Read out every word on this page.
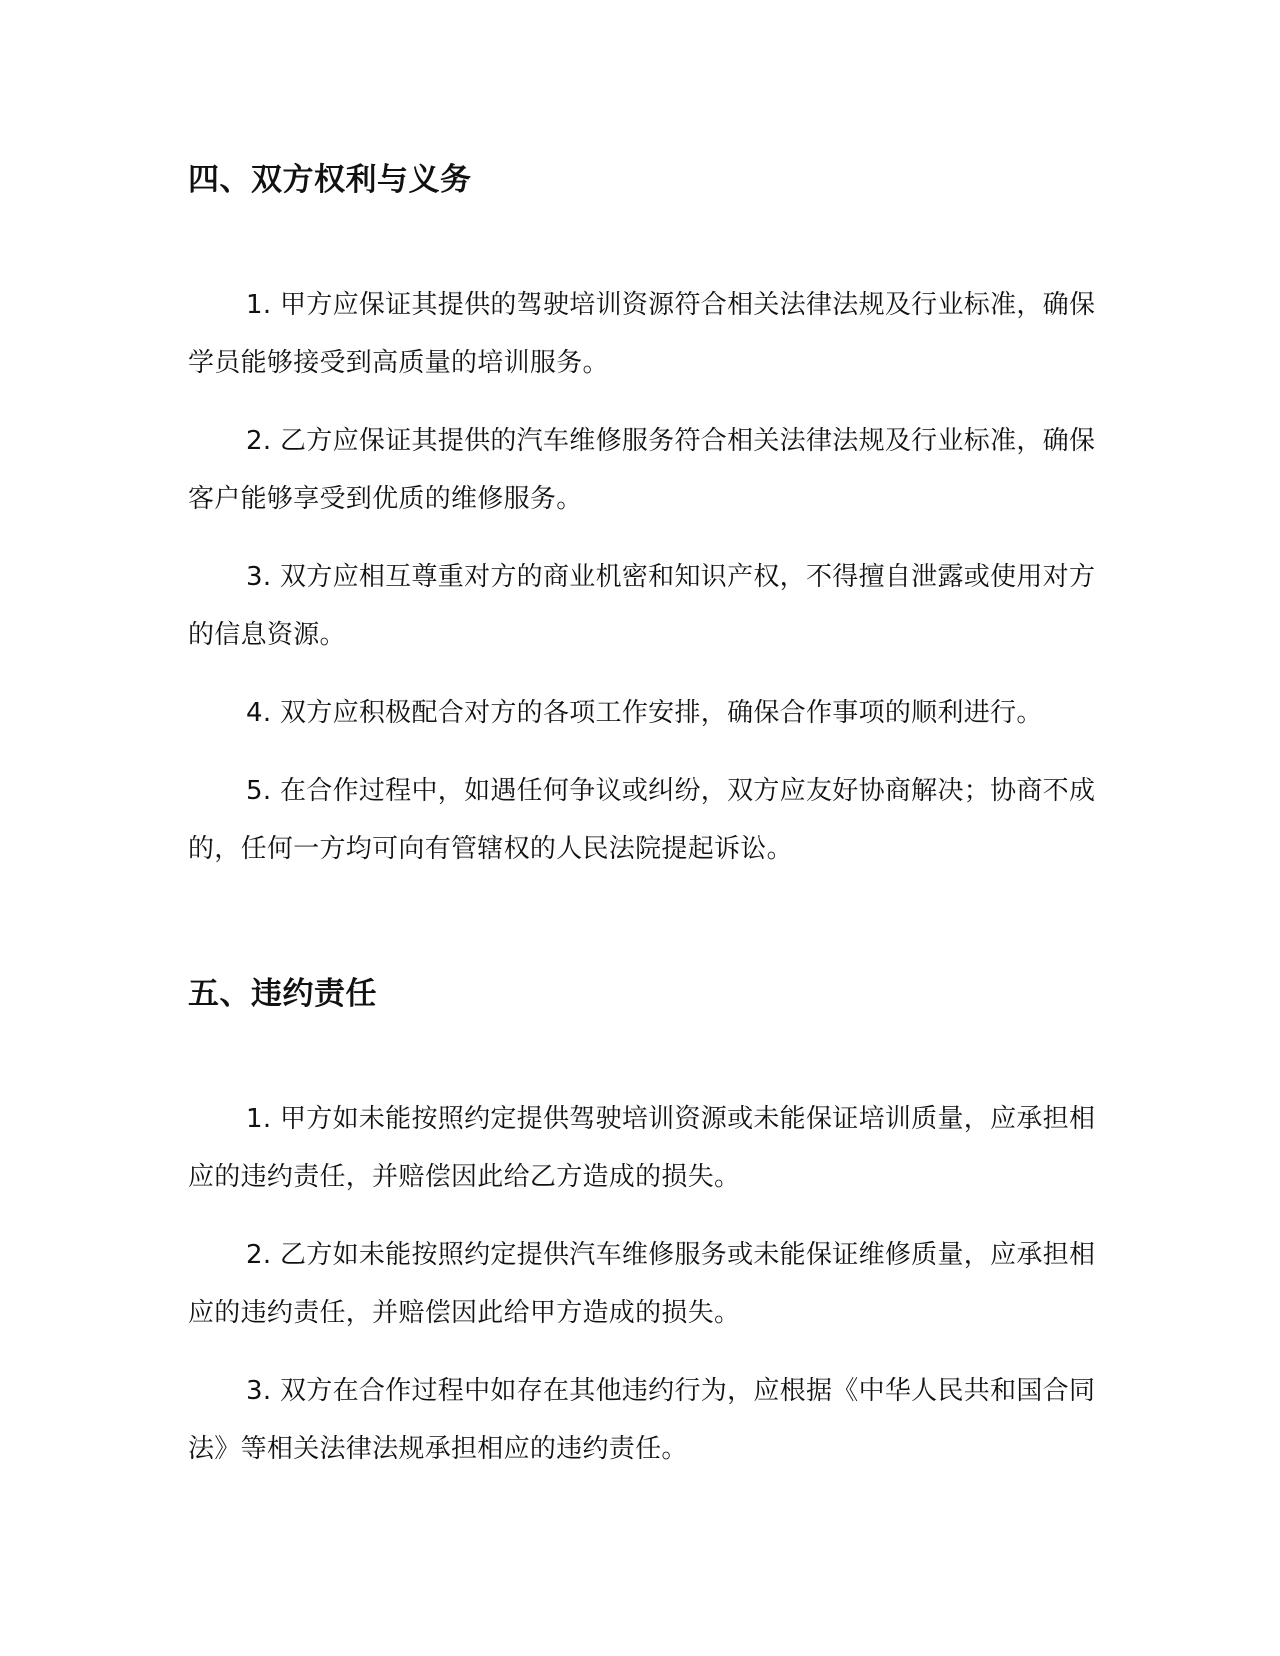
四、双方权利与义务

1. 甲方应保证其提供的驾驶培训资源符合相关法律法规及行业标准，确保学员能够接受到高质量的培训服务。

2. 乙方应保证其提供的汽车维修服务符合相关法律法规及行业标准，确保客户能够享受到优质的维修服务。

3. 双方应相互尊重对方的商业机密和知识产权，不得擅自泄露或使用对方的信息资源。

4. 双方应积极配合对方的各项工作安排，确保合作事项的顺利进行。

5. 在合作过程中，如遇任何争议或纠纷，双方应友好协商解决；协商不成的，任何一方均可向有管辖权的人民法院提起诉讼。

五、违约责任

1. 甲方如未能按照约定提供驾驶培训资源或未能保证培训质量，应承担相应的违约责任，并赔偿因此给乙方造成的损失。

2. 乙方如未能按照约定提供汽车维修服务或未能保证维修质量，应承担相应的违约责任，并赔偿因此给甲方造成的损失。

3. 双方在合作过程中如存在其他违约行为，应根据《中华人民共和国合同法》等相关法律法规承担相应的违约责任。
